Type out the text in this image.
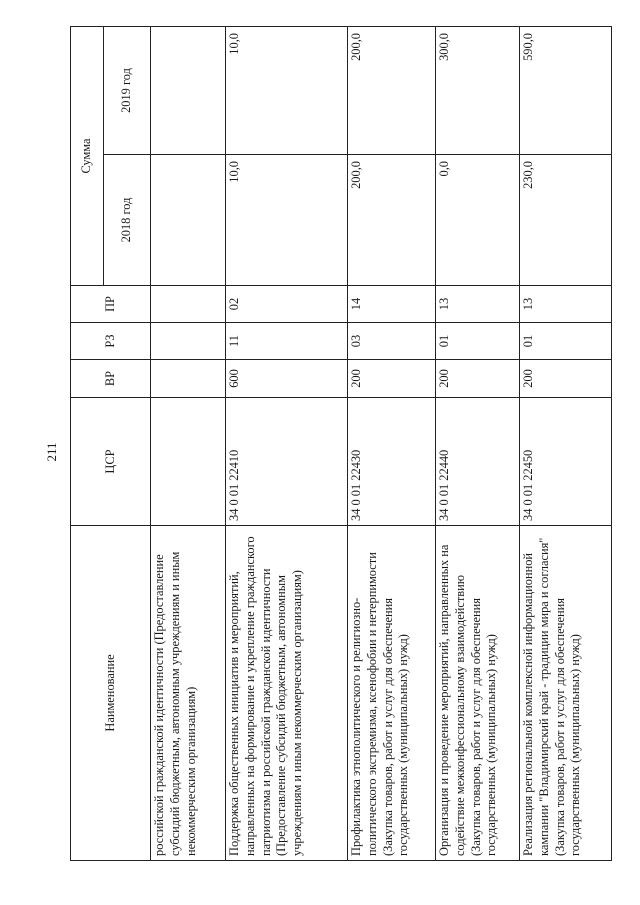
211
Наименование	ЦСР	ВР	РЗ	ПР	Сумма	
					2018 год	2019 год
российской гражданской идентичности (Предоставление субсидий бюджетным, автономным учреждениям и иным некоммерческим организациям)						
Поддержка общественных инициатив и мероприятий, направленных на формирование и укрепление гражданского патриотизма и российской гражданской идентичности (Предоставление субсидий бюджетным, автономным учреждениям и иным некоммерческим организациям)	34 0 01 22410	600	11	02	10,0	10,0
Профилактика этнополитического и религиозно-политического экстремизма, ксенофобии и нетерпимости (Закупка товаров, работ и услуг для обеспечения государственных (муниципальных) нужд)	34 0 01 22430	200	03	14	200,0	200,0
Организация и проведение мероприятий, направленных на содействие межконфессиональному взаимодействию (Закупка товаров, работ и услуг для обеспечения государственных (муниципальных) нужд)	34 0 01 22440	200	01	13	0,0	300,0
Реализация региональной комплексной информационной кампании "Владимирский край - традиции мира и согласия" (Закупка товаров, работ и услуг для обеспечения государственных (муниципальных) нужд)	34 0 01 22450	200	01	13	230,0	590,0
